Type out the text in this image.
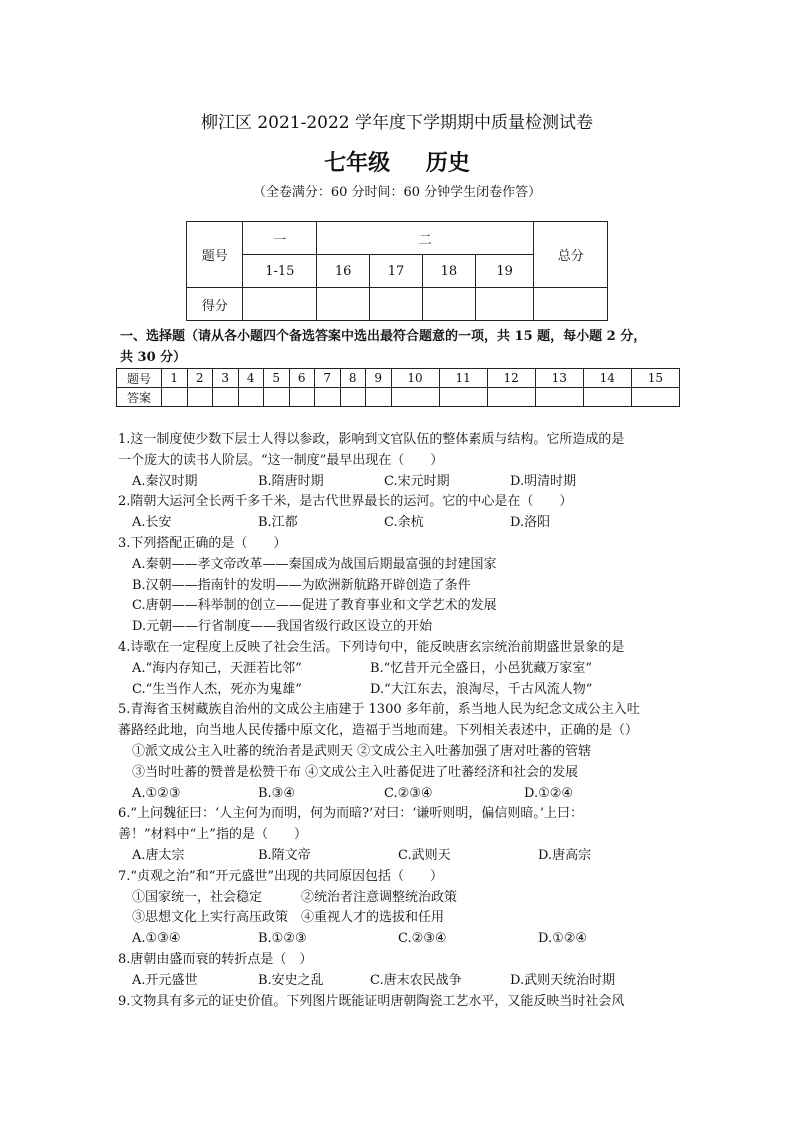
柳江区 2021-2022 学年度下学期期中质量检测试卷
七年级 历史
（全卷满分：60 分时间：60 分钟学生闭卷作答）
题号	一	二				总分
	1-15	16	17	18	19	
得分						
一、选择题（请从各小题四个备选答案中选出最符合题意的一项，共 15 题，每小题 2 分，
共 30 分）
题号	1	2	3	4	5	6	7	8	9	10	11	12	13	14	15
答案															
1.这一制度使少数下层士人得以参政，影响到文官队伍的整体素质与结构。它所造成的是
一个庞大的读书人阶层。“这一制度”最早出现在（　　）
A.秦汉时期	B.隋唐时期	C.宋元时期	D.明清时期
2.隋朝大运河全长两千多千米，是古代世界最长的运河。它的中心是在（　　）
A.长安	B.江都	C.余杭	D.洛阳
3.下列搭配正确的是（　　）
A.秦朝——孝文帝改革——秦国成为战国后期最富强的封建国家
B.汉朝——指南针的发明——为欧洲新航路开辟创造了条件
C.唐朝——科举制的创立——促进了教育事业和文学艺术的发展
D.元朝——行省制度——我国省级行政区设立的开始
4.诗歌在一定程度上反映了社会生活。下列诗句中，能反映唐玄宗统治前期盛世景象的是
A.“海内存知己，天涯若比邻”	B.“忆昔开元全盛日，小邑犹藏万家室”
C.“生当作人杰，死亦为鬼雄”	D.“大江东去，浪淘尽，千古风流人物”
5.青海省玉树藏族自治州的文成公主庙建于 1300 多年前，系当地人民为纪念文成公主入吐
蕃路经此地，向当地人民传播中原文化，造福于当地而建。下列相关表述中，正确的是（）
①派文成公主入吐蕃的统治者是武则天 ②文成公主入吐蕃加强了唐对吐蕃的管辖
③当时吐蕃的赞普是松赞干布 ④文成公主入吐蕃促进了吐蕃经济和社会的发展
A.①②③	B.③④	C.②③④	D.①②④
6.“上问魏征曰：‘人主何为而明，何为而暗?’对曰：‘谦听则明，偏信则暗。’上曰：
善！”材料中“上”指的是（　　）
A.唐太宗	B.隋文帝	C.武则天	D.唐高宗
7.“贞观之治”和“开元盛世”出现的共同原因包括（　　）
①国家统一，社会稳定　　　②统治者注意调整统治政策
③思想文化上实行高压政策　④重视人才的选拔和任用
A.①③④	B.①②③	C.②③④	D.①②④
8.唐朝由盛而衰的转折点是（　）
A.开元盛世	B.安史之乱	C.唐末农民战争	D.武则天统治时期
9.文物具有多元的证史价值。下列图片既能证明唐朝陶瓷工艺水平，又能反映当时社会风
